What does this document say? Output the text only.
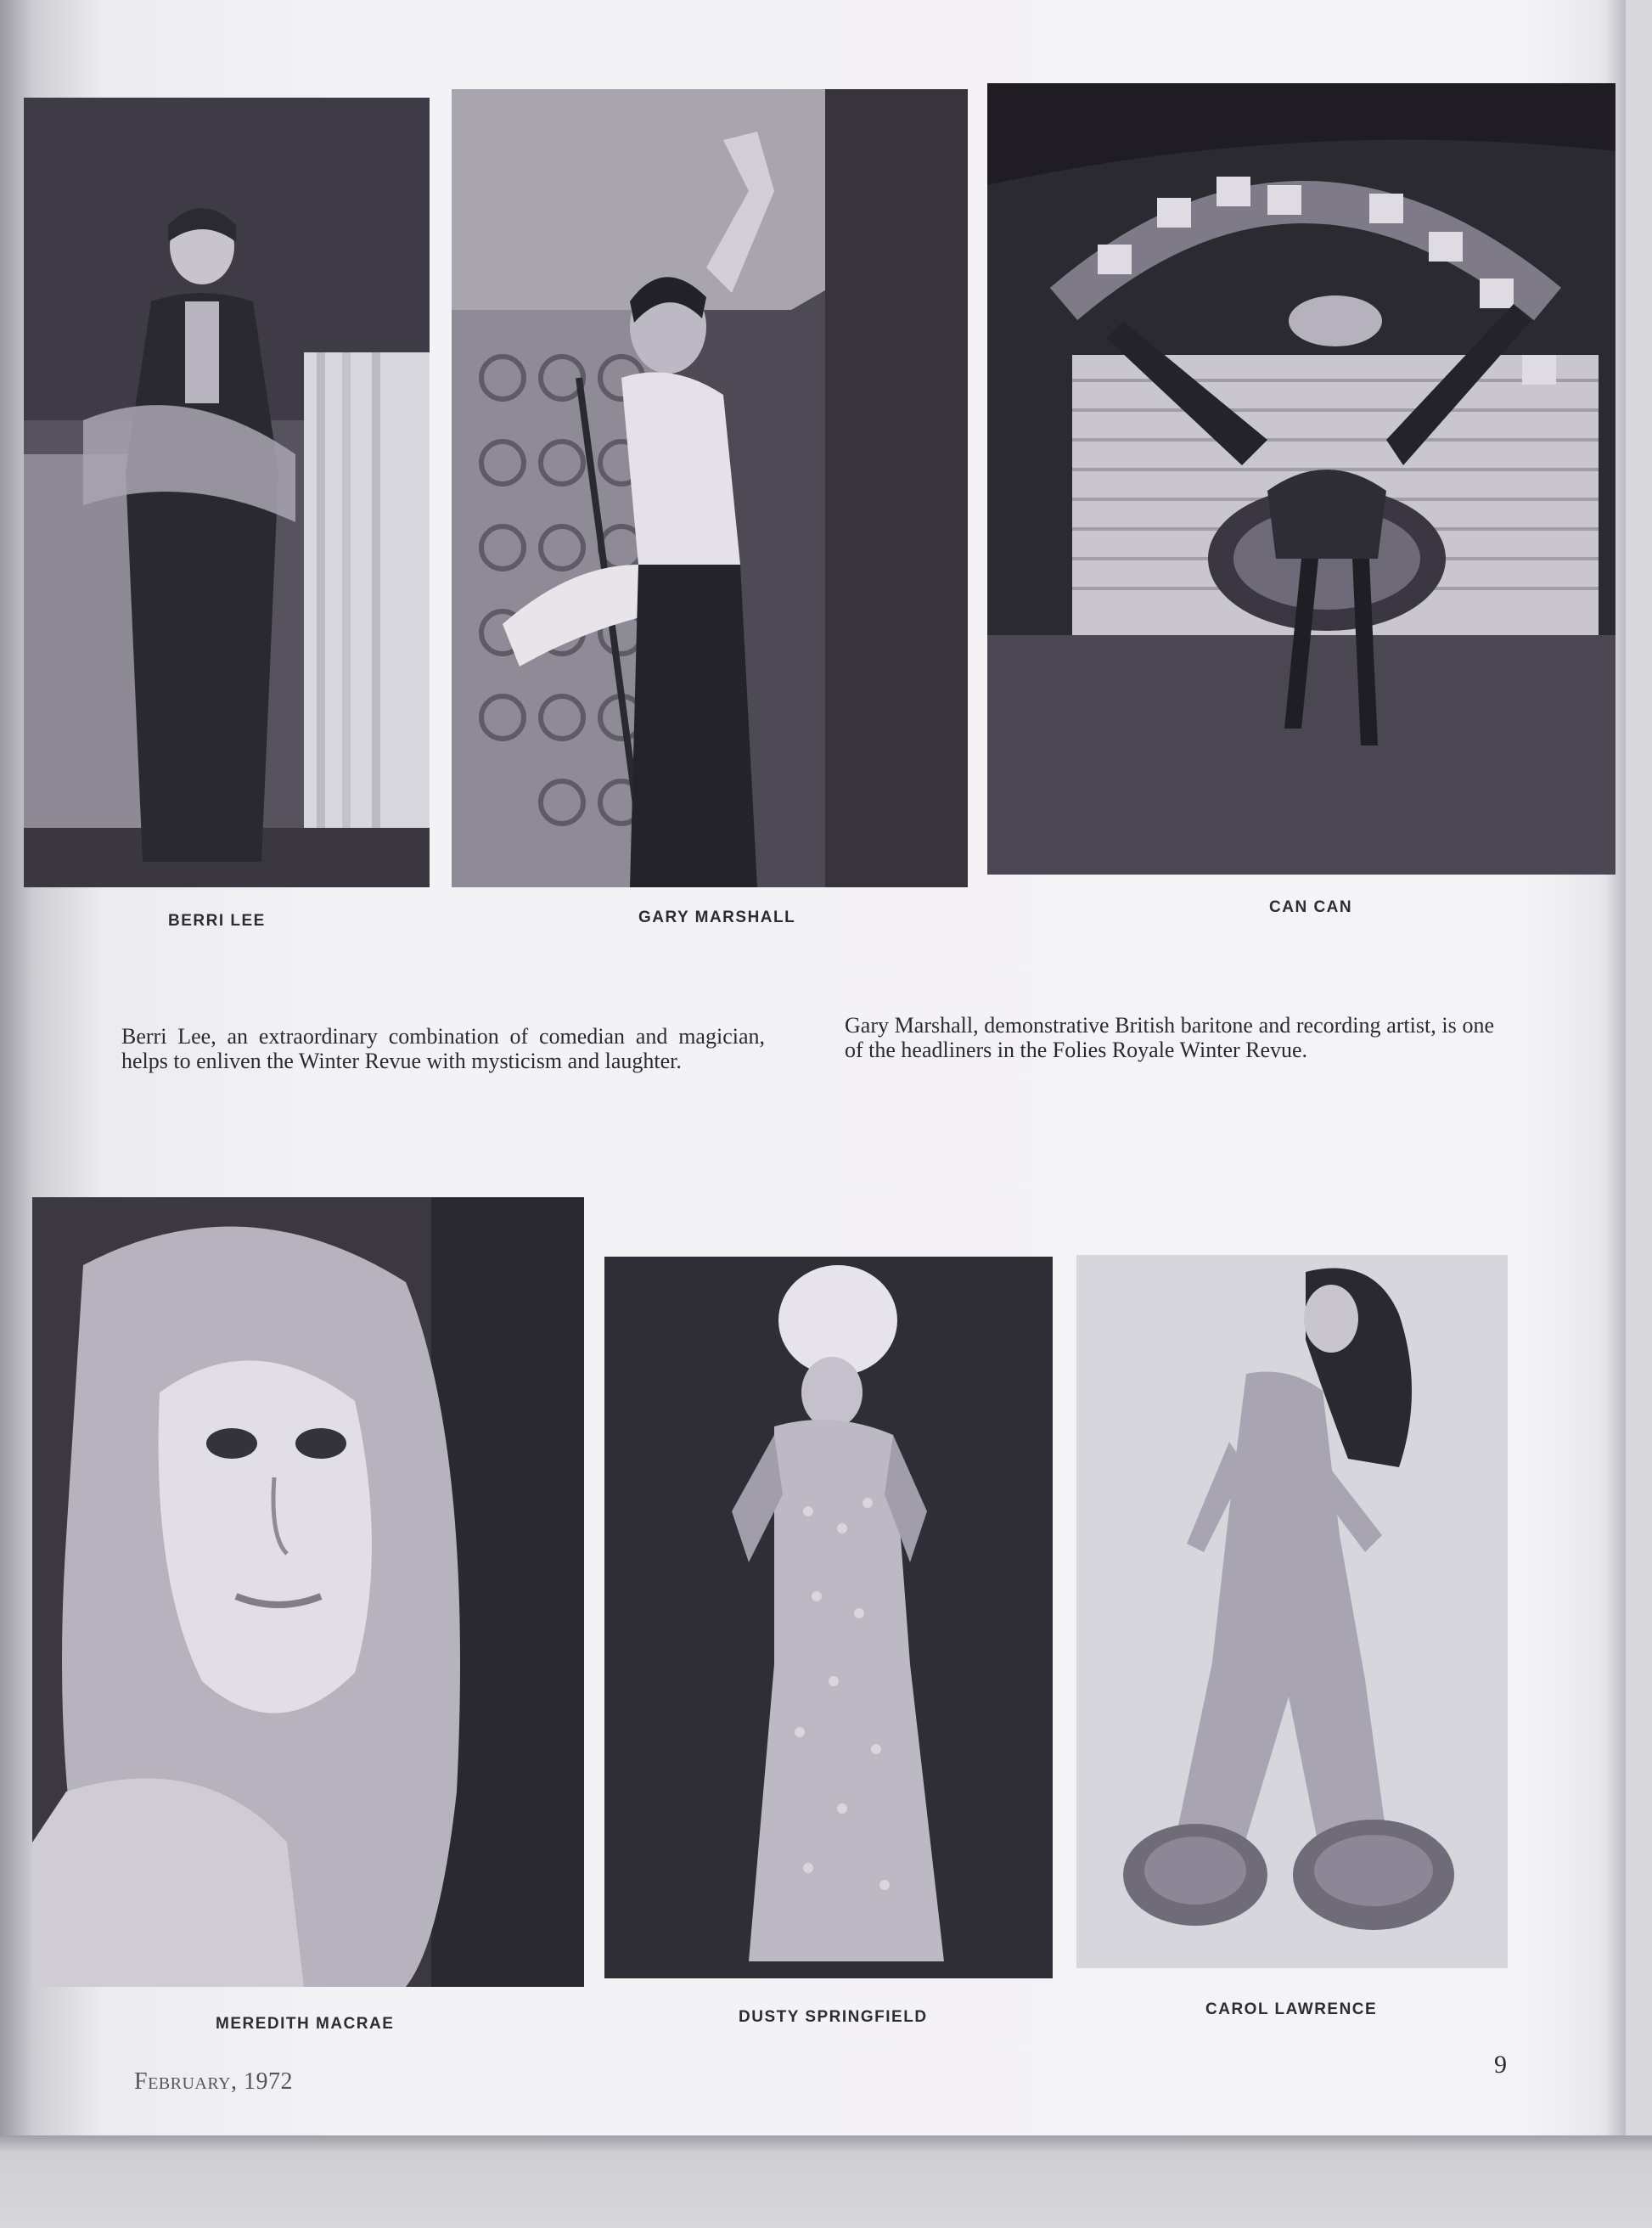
BERRI LEE	GARY MARSHALL
CAN CAN
Berri Lee, an extraordinary combination of comedian and magician, helps to enliven the Winter Revue with mysticism and laughter.
Gary Marshall, demonstrative British baritone and recording artist, is one of the headliners in the Folies Royale Winter Revue.
MEREDITH MACRAE	DUSTY SPRINGFIELD	CAROL LAWRENCE
February, 1972
9
